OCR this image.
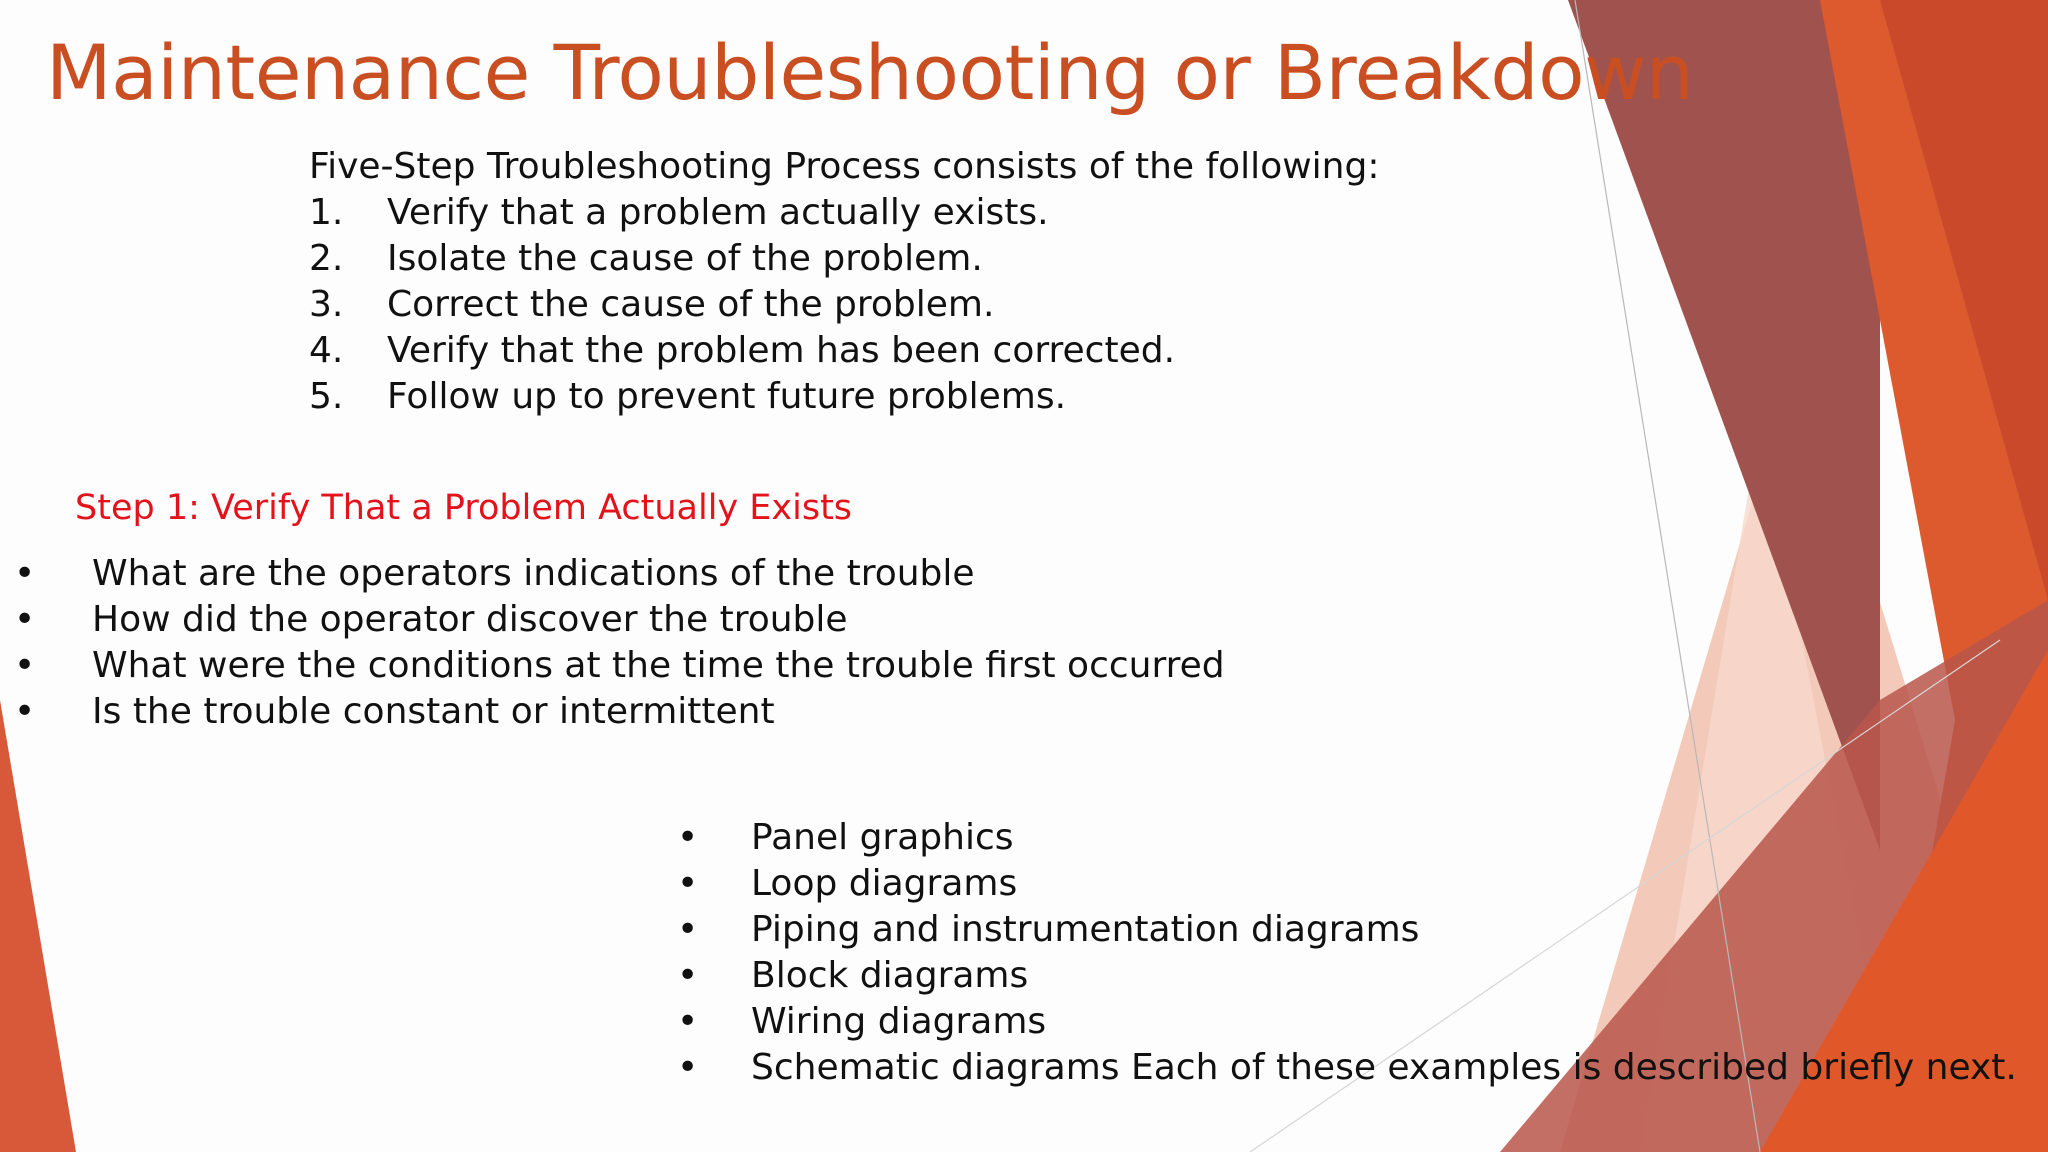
Maintenance Troubleshooting or Breakdown
Five-Step Troubleshooting Process consists of the following:
1. Verify that a problem actually exists.
2. Isolate the cause of the problem.
3. Correct the cause of the problem.
4. Verify that the problem has been corrected.
5. Follow up to prevent future problems.
Step 1: Verify That a Problem Actually Exists
• What are the operators indications of the trouble
• How did the operator discover the trouble
• What were the conditions at the time the trouble first occurred
• Is the trouble constant or intermittent
• Panel graphics
• Loop diagrams
• Piping and instrumentation diagrams
• Block diagrams
• Wiring diagrams
• Schematic diagrams Each of these examples is described briefly next.
